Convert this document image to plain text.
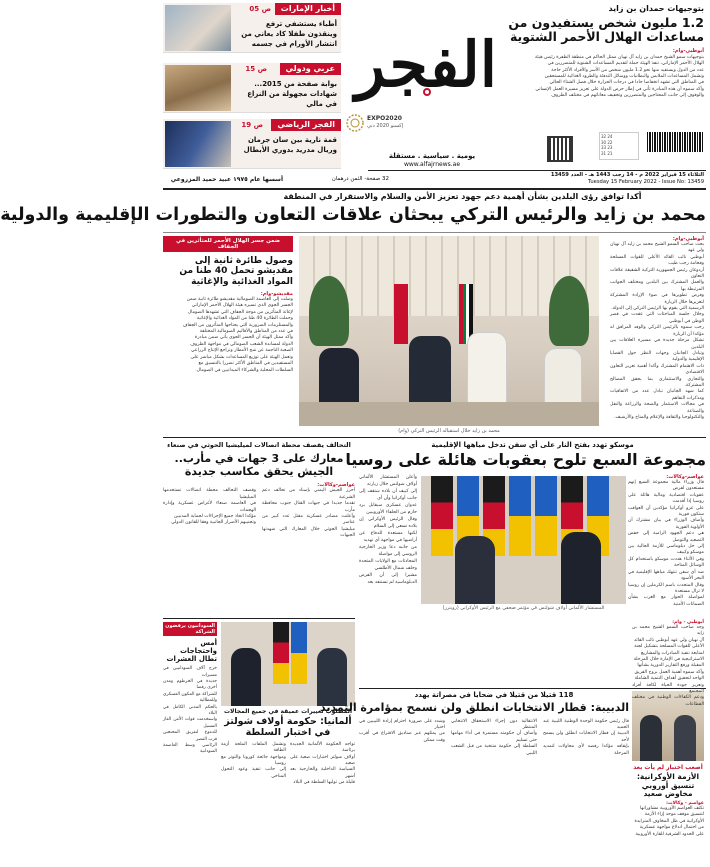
أخبار الإمارات
ص 05
أطباء يستشفي ترفع وينقذون طفلا كاد يعاني من انتشار الأورام في جسمه
عربي ودولي
ص 15
بوابة صفحة من 2015... شهادات مجهولة من النزاع في مالي
الفجر الرياضي
ص 19
قمة نارية بين سان جرمان وريال مدريد بدوري الأبطال
EXPO2020
إكسبو 2020 دبي
الفجر
يومية . سياسية . مستقلة
www.alfajrnews.ae
بتوجيهات حمدان بن زايد
1.2 مليون شخص يستفيدون من مساعدات الهلال الأحمر الشتوية
أبوظبي-وام:
بتوجيهات سمو الشيخ حمدان بن زايد آل نهيان ممثل الحاكم في منطقة الظفرة رئيس هيئة
الهلال الأحمر الإماراتي، تنفذ الهيئة حملة لتقديم المساعدات الشتوية للمتضررين في
عدد من الدول ويستفيد منها نحو 1.2 مليون شخص من الأسر والأفراد الأكثر حاجة
وتشمل المساعدات الملابس والبطانيات ووسائل التدفئة والطرود الغذائية للمستحقين
في المناطق التي تشهد انخفاضا حادا في درجات الحرارة خلال فصل الشتاء الحالي
وأكد سموه أن هذه المبادرة تأتي في إطار حرص الدولة على تعزيز مسيرة العمل الإنساني
والوقوف إلى جانب المحتاجين والمتضررين وتخفيف معاناتهم في مختلف الظروف
32 24
30 22
33 23
31 21
الثلاثاء 15 فبراير 2022 م - 14 رجب 1443 هـ - العدد 13459
Tuesday 15 February 2022 - Issue No: 13459
أسسها عام ١٩٧٥ عبيد حميد المزروعي	32 صفحة- الثمن درهمان
أكدا توافق رؤى البلدين بشأن أهمية دعم جهود تعزيز الأمن والسلام والاستقرار في المنطقة
محمد بن زايد والرئيس التركي يبحثان علاقات التعاون والتطورات الإقليمية والدولية
أبوظبي-وام:
بحث صاحب السمو الشيخ محمد بن زايد آل نهيان ولي عهد
أبوظبي نائب القائد الأعلى للقوات المسلحة وفخامة رجب طيب
أردوغان رئيس الجمهورية التركية الشقيقة علاقات التعاون
والعمل المشترك بين البلدين ومختلف الجوانب المرتبطة بها
وفرص تطويرها في ضوء الإرادة المشتركة لتعزيزها خلال الزيارة
الرسمية التي يقوم بها الرئيس التركي إلى الدولة.
وخلال جلسة المباحثات التي عقدت في قصر الوطن في أبوظبي
رحب سموه بالرئيس التركي والوفد المرافق له مؤكدا أن الزيارة
تشكل مرحلة جديدة في مسيرة العلاقات بين البلدين
وتبادل الجانبان وجهات النظر حول القضايا الإقليمية والدولية
ذات الاهتمام المشترك وأكدا أهمية تعزيز التعاون الاقتصادي
والتجاري والاستثماري بما يحقق المصالح المشتركة.
كما شهد الجانبان تبادل عدد من الاتفاقيات ومذكرات التفاهم
في مجالات الاستثمار والصحة والزراعة والنقل والصناعة
والتكنولوجيا والثقافة والإعلام والمناخ والأرشيف.
محمد بن زايد خلال استقباله الرئيس التركي (وام)
ضمن جسر الهلال الأحمر للمتأثرين في الجفاف
وصول طائرة ثانية إلى مقديشو تحمل 40 طنا من المواد الغذائية والإغاثية
مقديشو-وام:
وصلت إلى العاصمة الصومالية مقديشو طائرة ثانية ضمن
الجسر الجوي الذي تسيره هيئة الهلال الأحمر الإماراتي
لإغاثة المتأثرين من موجة الجفاف التي تشهدها الصومال
وحملت الطائرة 40 طنا من المواد الغذائية والإغاثية
والمستلزمات الضرورية التي يحتاجها المتأثرون من الجفاف
في عدد من المناطق والأقاليم الصومالية المختلفة
وأكد ممثل الهيئة أن الجسر الجوي يأتي ضمن مبادرة
الدولة لمساندة الشعب الصومالي في مواجهة الظروف
الصعبة الناجمة عن شح الأمطار وتراجع الإنتاج الزراعي
وتعمل الهيئة على توزيع المساعدات بشكل مباشر على
المستفيدين في المناطق الأكثر تضررا بالتنسيق مع
السلطات المحلية والشركاء الميدانيين في الصومال.
موسكو تهدد بفتح النار على أي سفن تدخل مياهها الإقليمية
مجموعة السبع تلوح بعقوبات هائلة على روسيا
عواصم-وكالات:
قال وزراء مالية مجموعة السبع إنهم مستعدون لفرض
عقوبات اقتصادية ومالية هائلة على روسيا إذا أقدمت
على غزو أوكرانيا مؤكدين أن العواقب ستكون فورية
وأضاف الوزراء في بيان مشترك أن الأولوية الفورية
هي دعم الجهود الرامية إلى خفض التصعيد والتوصل
إلى حل دبلوماسي للأزمة الحالية بين موسكو وكييف
وفي الأثناء هددت موسكو باستخدام كل الوسائل المتاحة
ضد أي سفن تنتهك مياهها الإقليمية في البحر الأسود
وقال المتحدث باسم الكرملين إن روسيا لا تزال مستعدة
لمواصلة الحوار مع الغرب بشأن الضمانات الأمنية
المستشار الألماني أولاف شولتس في مؤتمر صحفي مع الرئيس الأوكراني (رويترز)
وأعلن المستشار الألماني أولاف شولتس خلال زيارته
إلى كييف أن بلاده ستقف إلى جانب أوكرانيا وأن أي
عدوان عسكري سيقابل برد حازم من الحلفاء الأوروبيين
وقال الرئيس الأوكراني إن بلاده تسعى إلى السلام
لكنها مستعدة للدفاع عن أراضيها في مواجهة أي تهديد
من جانبه دعا وزير الخارجية الروسي إلى مواصلة
المحادثات مع الولايات المتحدة وحلف شمال الأطلسي
مشيرا إلى أن الفرص الدبلوماسية لم تستنفد بعد
التحالف يقصف محطة اتصالات لميليشيا الحوثي في صنعاء
معارك على 3 جهات في مأرب.. الجيش يحقق مكاسب جديدة
عواصم-وكالات:
أحرز الجيش اليمني بإسناد من تحالف دعم الشرعية
تقدما جديدا في جبهات القتال جنوب محافظة مأرب
وأعلنت مصادر عسكرية مقتل عدد كبير من عناصر
ميليشيا الحوثي خلال المعارك التي شهدتها الجبهات
وقصف التحالف محطة اتصالات تستخدمها الميليشيا
في العاصمة صنعاء لأغراض عسكرية وإدارة الهجمات
مؤكدا اتخاذ جميع الإجراءات لحماية المدنيين
وتجنيبهم الأضرار الجانبية وفقا للقانون الدولي
السودانيون يرفضون الشراكة
أمس واحتجاجات تطال العشرات
خرج آلاف السودانيين في مسيرات
جديدة في الخرطوم ومدن أخرى رفضا
للشراكة مع المكون العسكري وللمطالبة
بالحكم المدني الكامل في البلاد
واستخدمت قوات الأمن الغاز المسيل
للدموع لتفريق المحتجين قرب القصر
الرئاسي وسط العاصمة السودانية
المطلوب تغييرات عميقة في جميع المجالات
ألمانيا: حكومة أولاف شولتز في اختبار السلطة
تواجه الحكومة الألمانية الجديدة برئاسة
أولاف شولتز اختبارات صعبة على صعيد
السياسة الداخلية والخارجية بعد أشهر
قليلة من توليها السلطة في البلاد
وتشمل الملفات الملحة أزمة الطاقة
ومواجهة جائحة كورونا والتوتر مع روسيا
إلى جانب تنفيذ وعود التحول المناخي
118 قتيلا من قتيلا في ضحايا في مصراتة يهدد
الدبيبة: قطار الانتخابات انطلق ولن نسمح بمؤامرة التمديد
قال رئيس حكومة الوحدة الوطنية الليبية عبد الحميد
الدبيبة إن قطار الانتخابات انطلق ولن يسمح لأحد
بإيقافه مؤكدا رفضه لأي محاولات لتمديد المرحلة
الانتقالية دون إجراء الاستحقاق الانتخابي المنتظر
وأضاف أن حكومته مستمرة في أداء مهامها حتى تسليم
السلطة إلى حكومة منتخبة من قبل الشعب الليبي
وشدد على ضرورة احترام إرادة الليبيين في اختيار
من يمثلهم عبر صناديق الاقتراع في أقرب وقت ممكن
أصعب اختبار لم يأت بعد
الأزمة الأوكرانية: تنسيق أوروبي مخاوض صعيد
عواصم - وكالات:
تكثف العواصم الأوروبية مشاوراتها
لتنسيق موقف موحد إزاء الأزمة
الأوكرانية في ظل المخاوف المتزايدة
من احتمال اندلاع مواجهة عسكرية
على الحدود الشرقية للقارة الأوروبية
أبوظبي - وام:
وجه صاحب السمو الشيخ محمد بن زايد
آل نهيان ولي عهد أبوظبي نائب القائد
الأعلى للقوات المسلحة بتشكيل لجنة
لمتابعة تنفيذ المبادرات والمشاريع
الاستراتيجية في الإمارة خلال المرحلة
المقبلة ورفع التقارير الدورية بشأنها
وأكد سموه أهمية العمل بروح الفريق
الواحد لتحقيق أهداف التنمية الشاملة
وتعزيز جودة الحياة لكافة أفراد المجتمع
ودعم الكفاءات الوطنية في مختلف القطاعات
